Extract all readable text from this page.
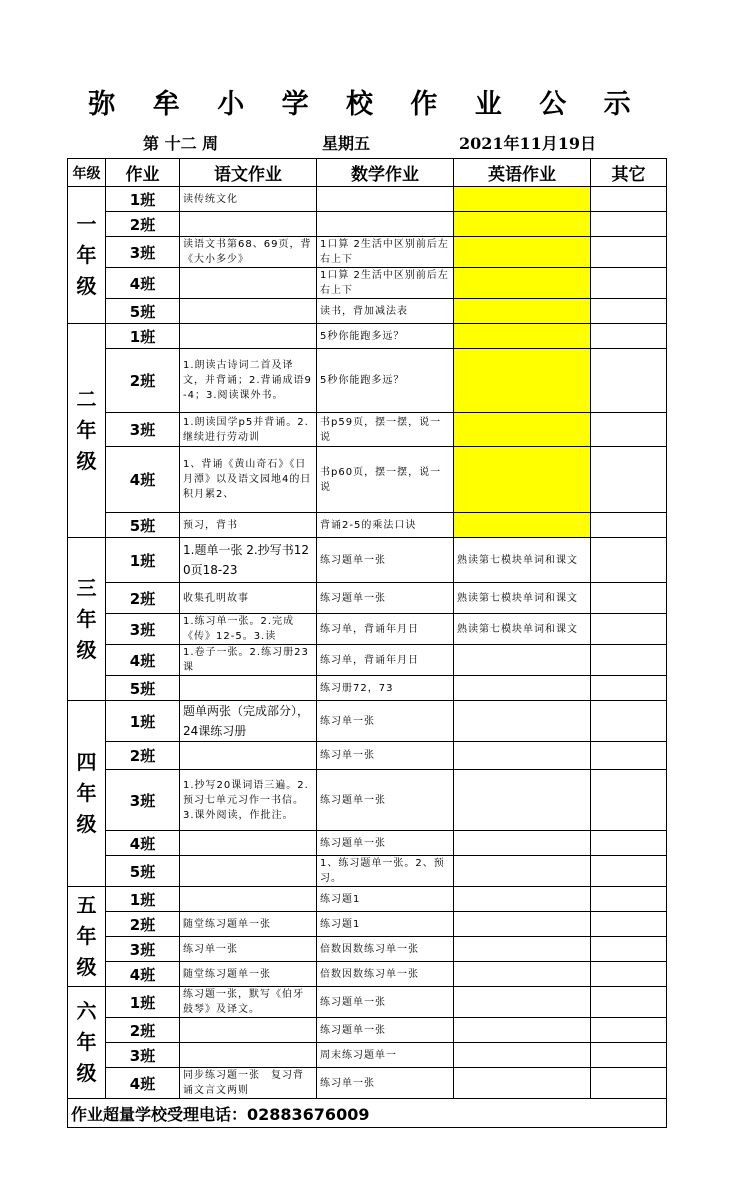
弥 牟 小 学 校 作 业 公 示
第 十二 周	星期五	2021年11月19日
年级	作业	语文作业	数学作业	英语作业	其它

一
年
级	1班	读传统文化			
	2班				
	3班	读语文书第68、69页，背《大小多少》	1口算 2生活中区别前后左右上下		
	4班		1口算 2生活中区别前后左右上下		
	5班		读书，背加减法表		

二
年
级	1班		5秒你能跑多远？		
	2班	1.朗读古诗词二首及译文，并背诵；2.背诵成语9-4；3.阅读课外书。	5秒你能跑多远？		
	3班	1.朗读国学p5并背诵。2.继续进行劳动训	书p59页，摆一摆，说一说		
	4班	1、背诵《黄山奇石》《日月潭》以及语文园地4的日积月累2、	书p60页，摆一摆，说一说		
	5班	预习，背书	背诵2-5的乘法口诀		

三
年
级	1班	1.题单一张 2.抄写书120页18-23	练习题单一张	熟读第七模块单词和课文	
	2班	收集孔明故事	练习题单一张	熟读第七模块单词和课文	
	3班	1.练习单一张。2.完成《传》12-5。3.读	练习单，背诵年月日	熟读第七模块单词和课文	
	4班	1.卷子一张。2.练习册23课	练习单，背诵年月日		
	5班		练习册72，73		

四
年
级	1班	题单两张（完成部分），24课练习册	练习单一张		
	2班		练习单一张		
	3班	1.抄写20课词语三遍。2.预习七单元习作一书信。3.课外阅读，作批注。	练习题单一张		
	4班		练习题单一张		
	5班		1、练习题单一张。2、预习。		

五
年
级	1班		练习题1		
	2班	随堂练习题单一张	练习题1		
	3班	练习单一张	倍数因数练习单一张		
	4班	随堂练习题单一张	倍数因数练习单一张		

六
年
级	1班	练习题一张，默写《伯牙鼓琴》及译文。	练习题单一张		
	2班		练习题单一张		
	3班		周末练习题单一		
	4班	同步练习题一张　复习背诵文言文两则	练习单一张		
作业超量学校受理电话：02883676009					
